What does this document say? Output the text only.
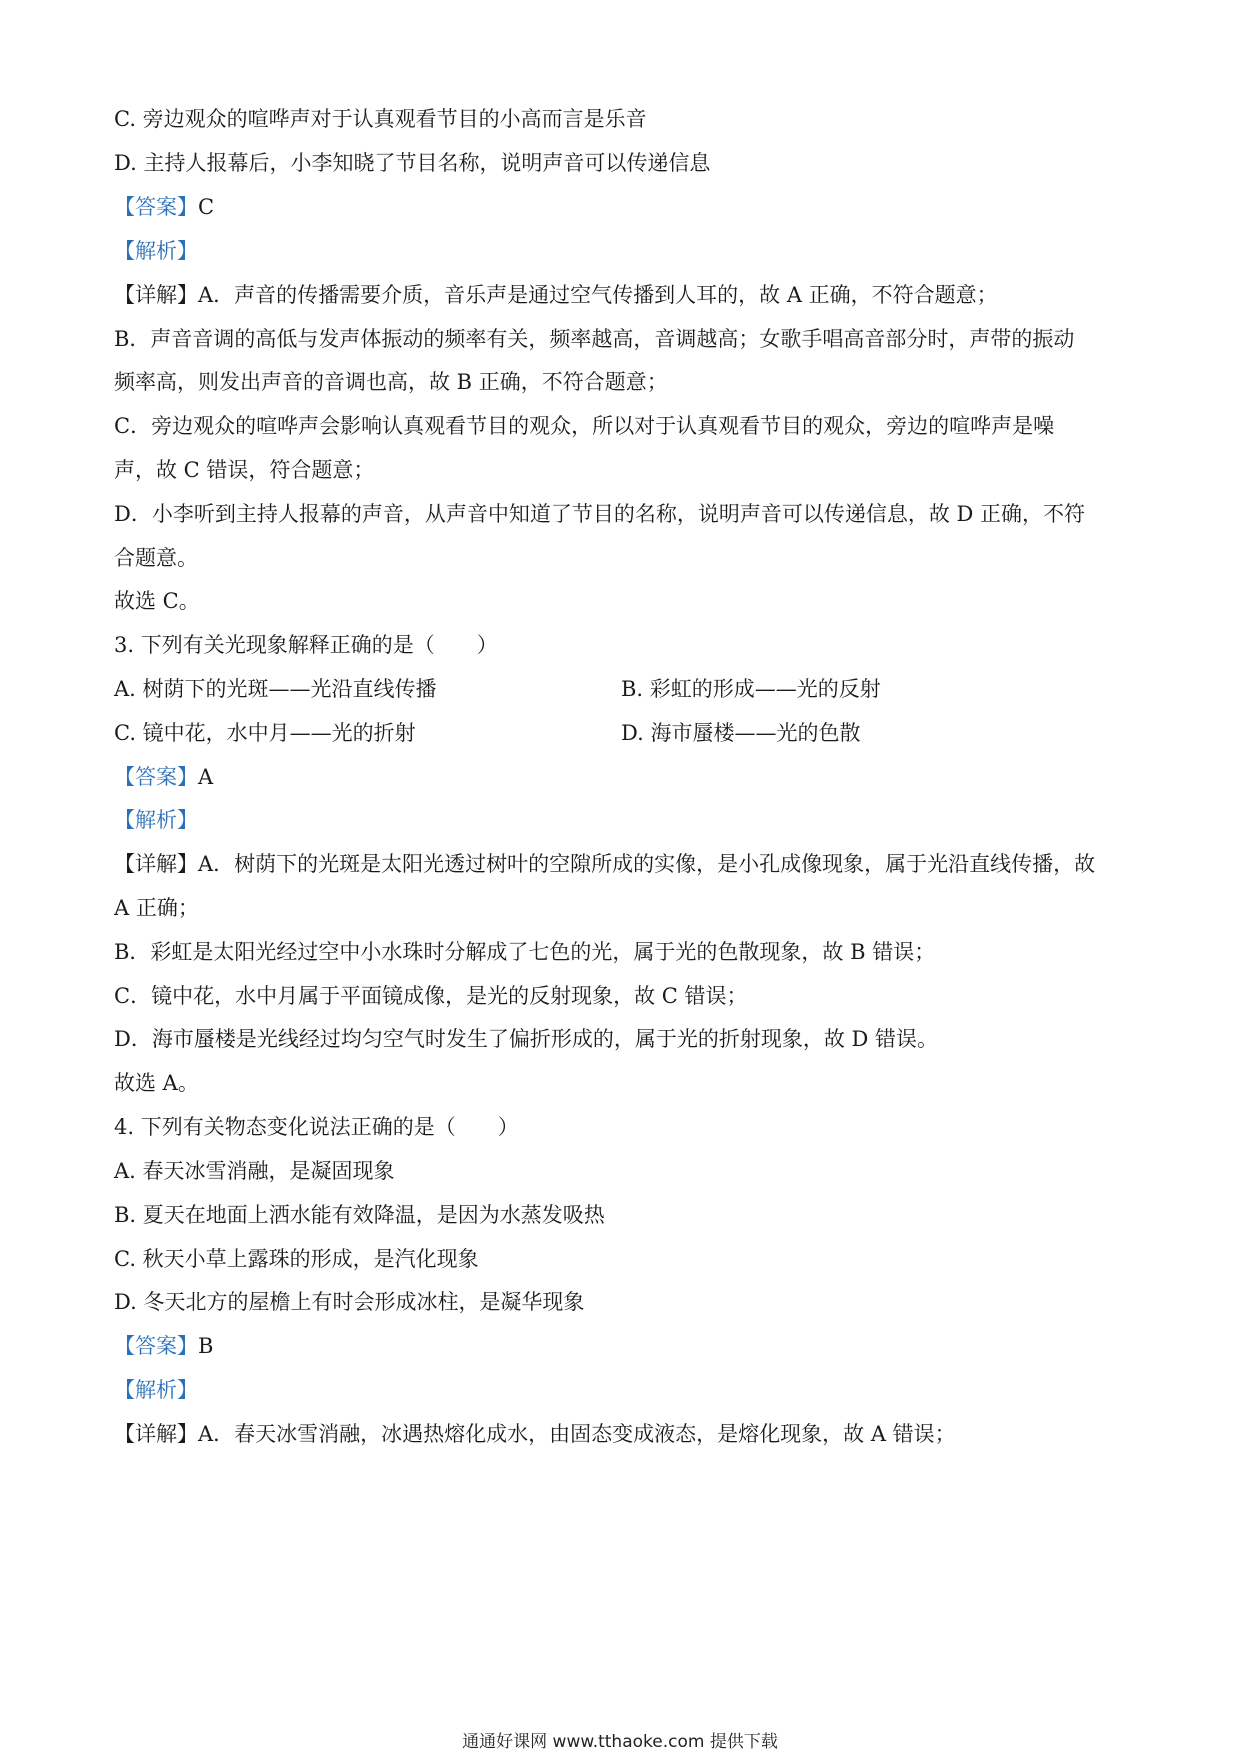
C. 旁边观众的喧哗声对于认真观看节目的小高而言是乐音
D. 主持人报幕后，小李知晓了节目名称，说明声音可以传递信息
【答案】C
【解析】
【详解】A．声音的传播需要介质，音乐声是通过空气传播到人耳的，故 A 正确，不符合题意；
B．声音音调的高低与发声体振动的频率有关，频率越高，音调越高；女歌手唱高音部分时，声带的振动
频率高，则发出声音的音调也高，故 B 正确，不符合题意；
C．旁边观众的喧哗声会影响认真观看节目的观众，所以对于认真观看节目的观众，旁边的喧哗声是噪
声，故 C 错误，符合题意；
D．小李听到主持人报幕的声音，从声音中知道了节目的名称，说明声音可以传递信息，故 D 正确，不符
合题意。
故选 C。
3. 下列有关光现象解释正确的是（　　）
A. 树荫下的光斑——光沿直线传播	B. 彩虹的形成——光的反射
C. 镜中花，水中月——光的折射	D. 海市蜃楼——光的色散
【答案】A
【解析】
【详解】A．树荫下的光斑是太阳光透过树叶的空隙所成的实像，是小孔成像现象，属于光沿直线传播，故
A 正确；
B．彩虹是太阳光经过空中小水珠时分解成了七色的光，属于光的色散现象，故 B 错误；
C．镜中花，水中月属于平面镜成像，是光的反射现象，故 C 错误；
D．海市蜃楼是光线经过均匀空气时发生了偏折形成的，属于光的折射现象，故 D 错误。
故选 A。
4. 下列有关物态变化说法正确的是（　　）
A. 春天冰雪消融，是凝固现象
B. 夏天在地面上洒水能有效降温，是因为水蒸发吸热
C. 秋天小草上露珠的形成，是汽化现象
D. 冬天北方的屋檐上有时会形成冰柱，是凝华现象
【答案】B
【解析】
【详解】A．春天冰雪消融，冰遇热熔化成水，由固态变成液态，是熔化现象，故 A 错误；
通通好课网 www.tthaoke.com 提供下载
